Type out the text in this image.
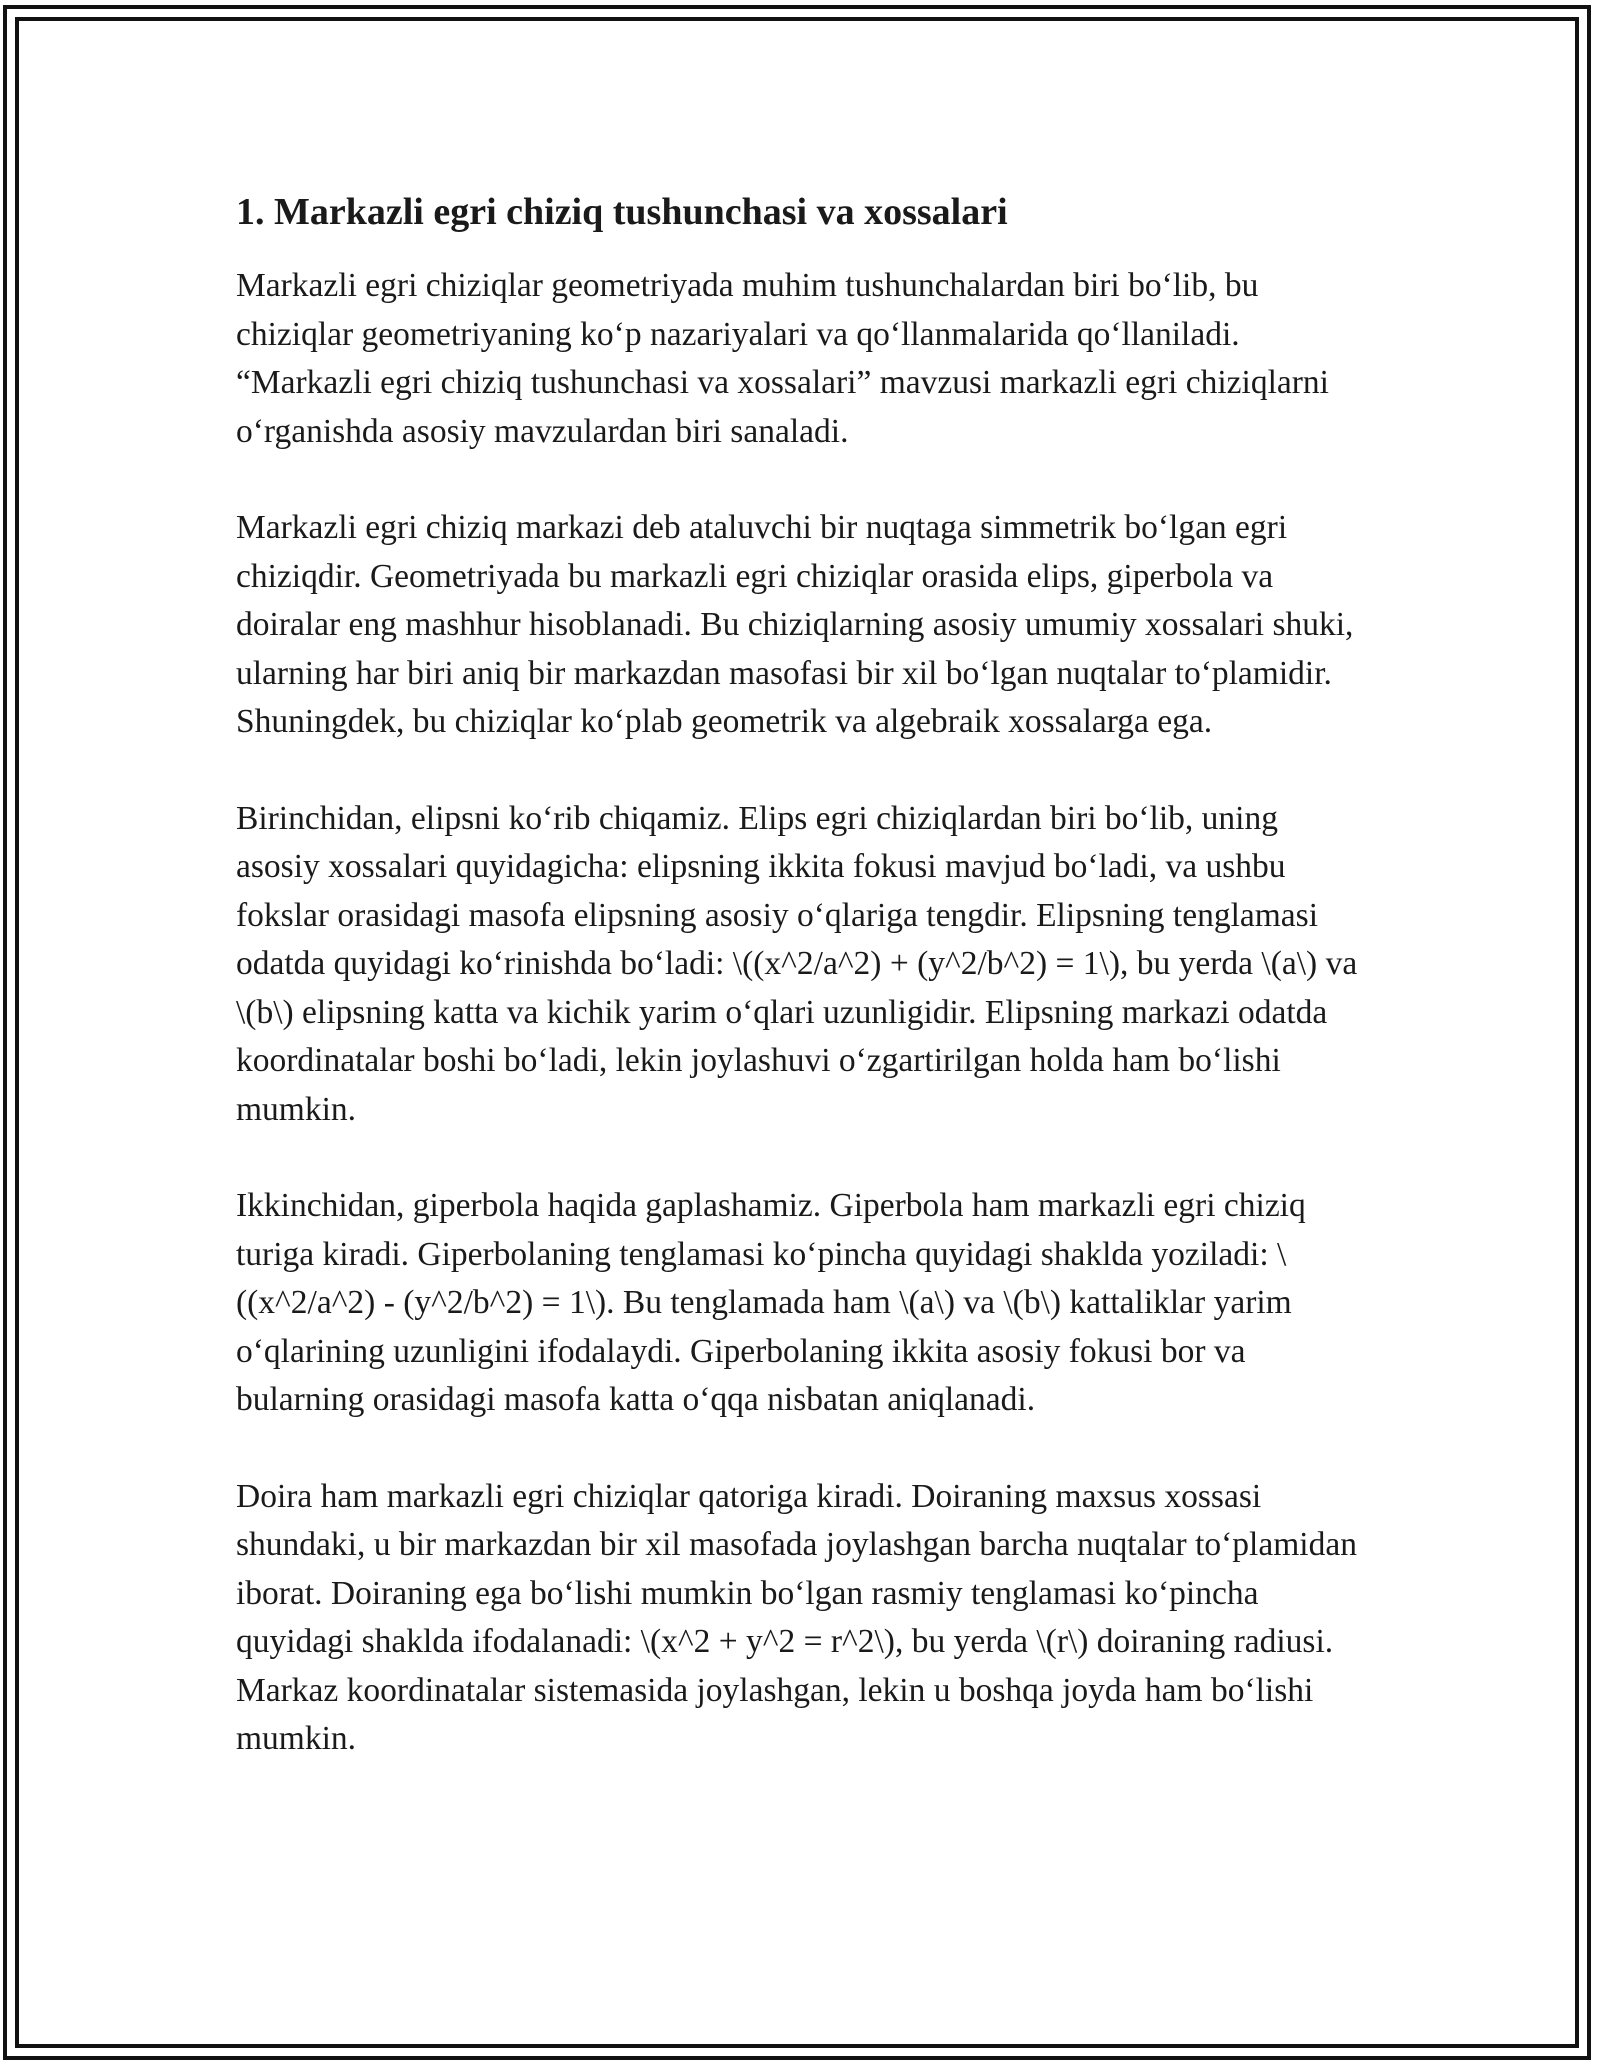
1. Markazli egri chiziq tushunchasi va xossalari

Markazli egri chiziqlar geometriyada muhim tushunchalardan biri bo‘lib, bu chiziqlar geometriyaning ko‘p nazariyalari va qo‘llanmalarida qo‘llaniladi. “Markazli egri chiziq tushunchasi va xossalari” mavzusi markazli egri chiziqlarni o‘rganishda asosiy mavzulardan biri sanaladi.

Markazli egri chiziq markazi deb ataluvchi bir nuqtaga simmetrik bo‘lgan egri chiziqdir. Geometriyada bu markazli egri chiziqlar orasida elips, giperbola va doiralar eng mashhur hisoblanadi. Bu chiziqlarning asosiy umumiy xossalari shuki, ularning har biri aniq bir markazdan masofasi bir xil bo‘lgan nuqtalar to‘plamidir. Shuningdek, bu chiziqlar ko‘plab geometrik va algebraik xossalarga ega.

Birinchidan, elipsni ko‘rib chiqamiz. Elips egri chiziqlardan biri bo‘lib, uning asosiy xossalari quyidagicha: elipsning ikkita fokusi mavjud bo‘ladi, va ushbu fokslar orasidagi masofa elipsning asosiy o‘qlariga tengdir. Elipsning tenglamasi odatda quyidagi ko‘rinishda bo‘ladi: \((x^2/a^2) + (y^2/b^2) = 1\), bu yerda \(a\) va \(b\) elipsning katta va kichik yarim o‘qlari uzunligidir. Elipsning markazi odatda koordinatalar boshi bo‘ladi, lekin joylashuvi o‘zgartirilgan holda ham bo‘lishi mumkin.

Ikkinchidan, giperbola haqida gaplashamiz. Giperbola ham markazli egri chiziq turiga kiradi. Giperbolaning tenglamasi ko‘pincha quyidagi shaklda yoziladi: \((x^2/a^2) - (y^2/b^2) = 1\). Bu tenglamada ham \(a\) va \(b\) kattaliklar yarim o‘qlarining uzunligini ifodalaydi. Giperbolaning ikkita asosiy fokusi bor va bularning orasidagi masofa katta o‘qqa nisbatan aniqlanadi.

Doira ham markazli egri chiziqlar qatoriga kiradi. Doiraning maxsus xossasi shundaki, u bir markazdan bir xil masofada joylashgan barcha nuqtalar to‘plamidan iborat. Doiraning ega bo‘lishi mumkin bo‘lgan rasmiy tenglamasi ko‘pincha quyidagi shaklda ifodalanadi: \(x^2 + y^2 = r^2\), bu yerda \(r\) doiraning radiusi. Markaz koordinatalar sistemasida joylashgan, lekin u boshqa joyda ham bo‘lishi mumkin.
